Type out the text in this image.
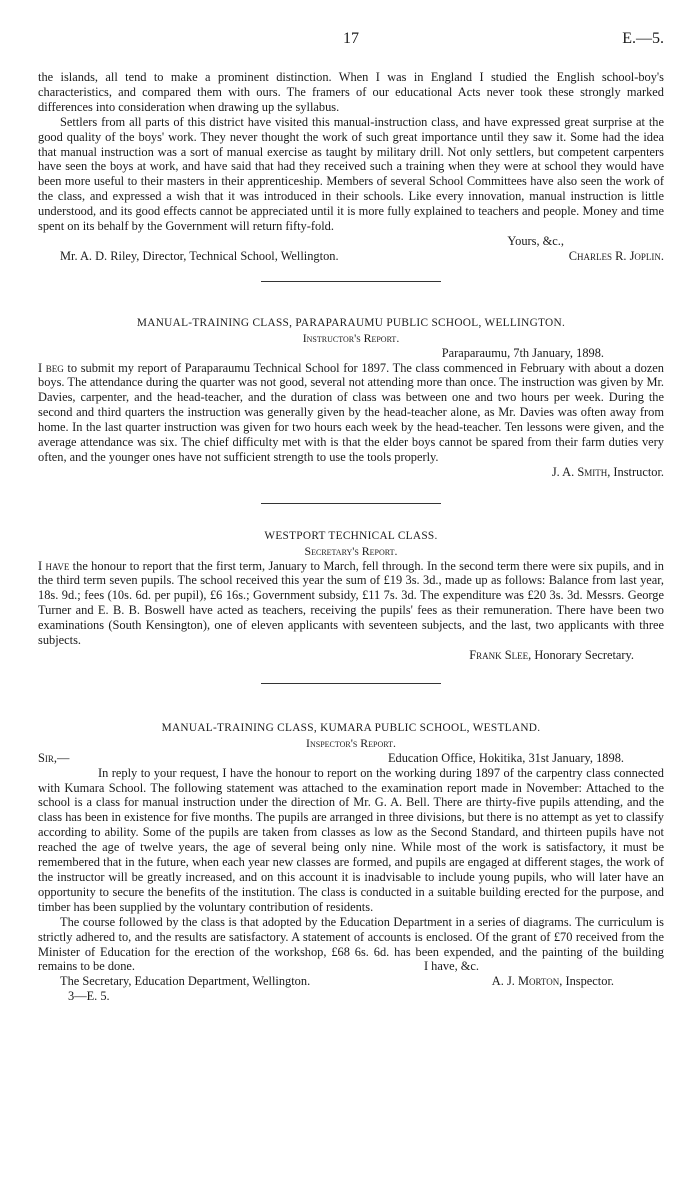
17	E.—5.

the islands, all tend to make a prominent distinction. When I was in England I studied the English school-boy's characteristics, and compared them with ours. The framers of our educational Acts never took these strongly marked differences into consideration when drawing up the syllabus.

Settlers from all parts of this district have visited this manual-instruction class, and have expressed great surprise at the good quality of the boys' work. They never thought the work of such great importance until they saw it. Some had the idea that manual instruction was a sort of manual exercise as taught by military drill. Not only settlers, but competent carpenters have seen the boys at work, and have said that had they received such a training when they were at school they would have been more useful to their masters in their apprenticeship. Members of several School Committees have also seen the work of the class, and expressed a wish that it was introduced in their schools. Like every innovation, manual instruction is little understood, and its good effects cannot be appreciated until it is more fully explained to teachers and people. Money and time spent on its behalf by the Government will return fifty-fold.

Yours, &c.,

Mr. A. D. Riley, Director, Technical School, Wellington.	Charles R. Joplin.
MANUAL-TRAINING CLASS, PARAPARAUMU PUBLIC SCHOOL, WELLINGTON.
Instructor's Report.

Paraparaumu, 7th January, 1898.

I beg to submit my report of Paraparaumu Technical School for 1897. The class commenced in February with about a dozen boys. The attendance during the quarter was not good, several not attending more than once. The instruction was given by Mr. Davies, carpenter, and the head-teacher, and the duration of class was between one and two hours per week. During the second and third quarters the instruction was generally given by the head-teacher alone, as Mr. Davies was often away from home. In the last quarter instruction was given for two hours each week by the head-teacher. Ten lessons were given, and the average attendance was six. The chief difficulty met with is that the elder boys cannot be spared from their farm duties very often, and the younger ones have not sufficient strength to use the tools properly.

J. A. Smith, Instructor.

WESTPORT TECHNICAL CLASS.
Secretary's Report.

I have the honour to report that the first term, January to March, fell through. In the second term there were six pupils, and in the third term seven pupils. The school received this year the sum of £19 3s. 3d., made up as follows: Balance from last year, 18s. 9d.; fees (10s. 6d. per pupil), £6 16s.; Government subsidy, £11 7s. 3d. The expenditure was £20 3s. 3d. Messrs. George Turner and E. B. B. Boswell have acted as teachers, receiving the pupils' fees as their remuneration. There have been two examinations (South Kensington), one of eleven applicants with seventeen subjects, and the last, two applicants with three subjects.

Frank Slee, Honorary Secretary.

MANUAL-TRAINING CLASS, KUMARA PUBLIC SCHOOL, WESTLAND.
Inspector's Report.
Sir,—	Education Office, Hokitika, 31st January, 1898.

In reply to your request, I have the honour to report on the working during 1897 of the carpentry class connected with Kumara School. The following statement was attached to the examination report made in November: Attached to the school is a class for manual instruction under the direction of Mr. G. A. Bell. There are thirty-five pupils attending, and the class has been in existence for five months. The pupils are arranged in three divisions, but there is no attempt as yet to classify according to ability. Some of the pupils are taken from classes as low as the Second Standard, and thirteen pupils have not reached the age of twelve years, the age of several being only nine. While most of the work is satisfactory, it must be remembered that in the future, when each year new classes are formed, and pupils are engaged at different stages, the work of the instructor will be greatly increased, and on this account it is inadvisable to include young pupils, who will later have an opportunity to secure the benefits of the institution. The class is conducted in a suitable building erected for the purpose, and timber has been supplied by the voluntary contribution of residents.

The course followed by the class is that adopted by the Education Department in a series of diagrams. The curriculum is strictly adhered to, and the results are satisfactory. A statement of accounts is enclosed. Of the grant of £70 received from the Minister of Education for the erection of the workshop, £68 6s. 6d. has been expended, and the painting of the building remains to be done.	I have, &c.

The Secretary, Education Department, Wellington.	A. J. Morton, Inspector.
3—E. 5.
